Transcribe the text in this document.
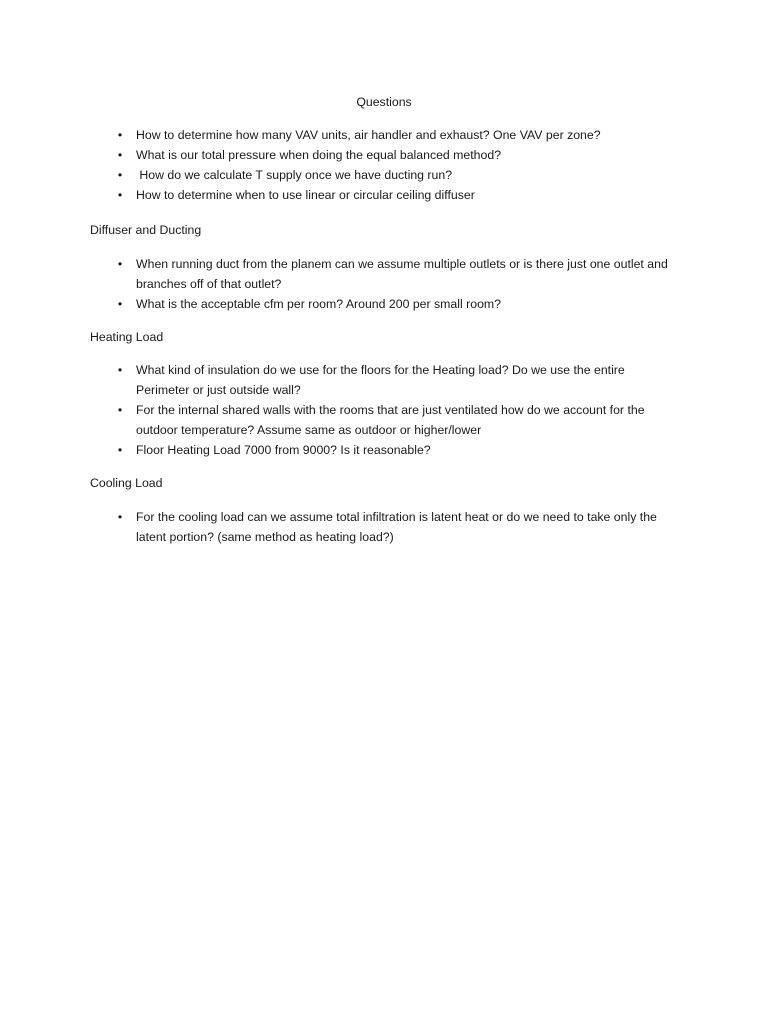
Questions
• How to determine how many VAV units, air handler and exhaust? One VAV per zone?
• What is our total pressure when doing the equal balanced method?
• How do we calculate T supply once we have ducting run?
• How to determine when to use linear or circular ceiling diffuser
Diffuser and Ducting
• When running duct from the planem can we assume multiple outlets or is there just one outlet and branches off of that outlet?
• What is the acceptable cfm per room? Around 200 per small room?
Heating Load
• What kind of insulation do we use for the floors for the Heating load? Do we use the entire Perimeter or just outside wall?
• For the internal shared walls with the rooms that are just ventilated how do we account for the outdoor temperature? Assume same as outdoor or higher/lower
• Floor Heating Load 7000 from 9000? Is it reasonable?
Cooling Load
• For the cooling load can we assume total infiltration is latent heat or do we need to take only the latent portion? (same method as heating load?)
